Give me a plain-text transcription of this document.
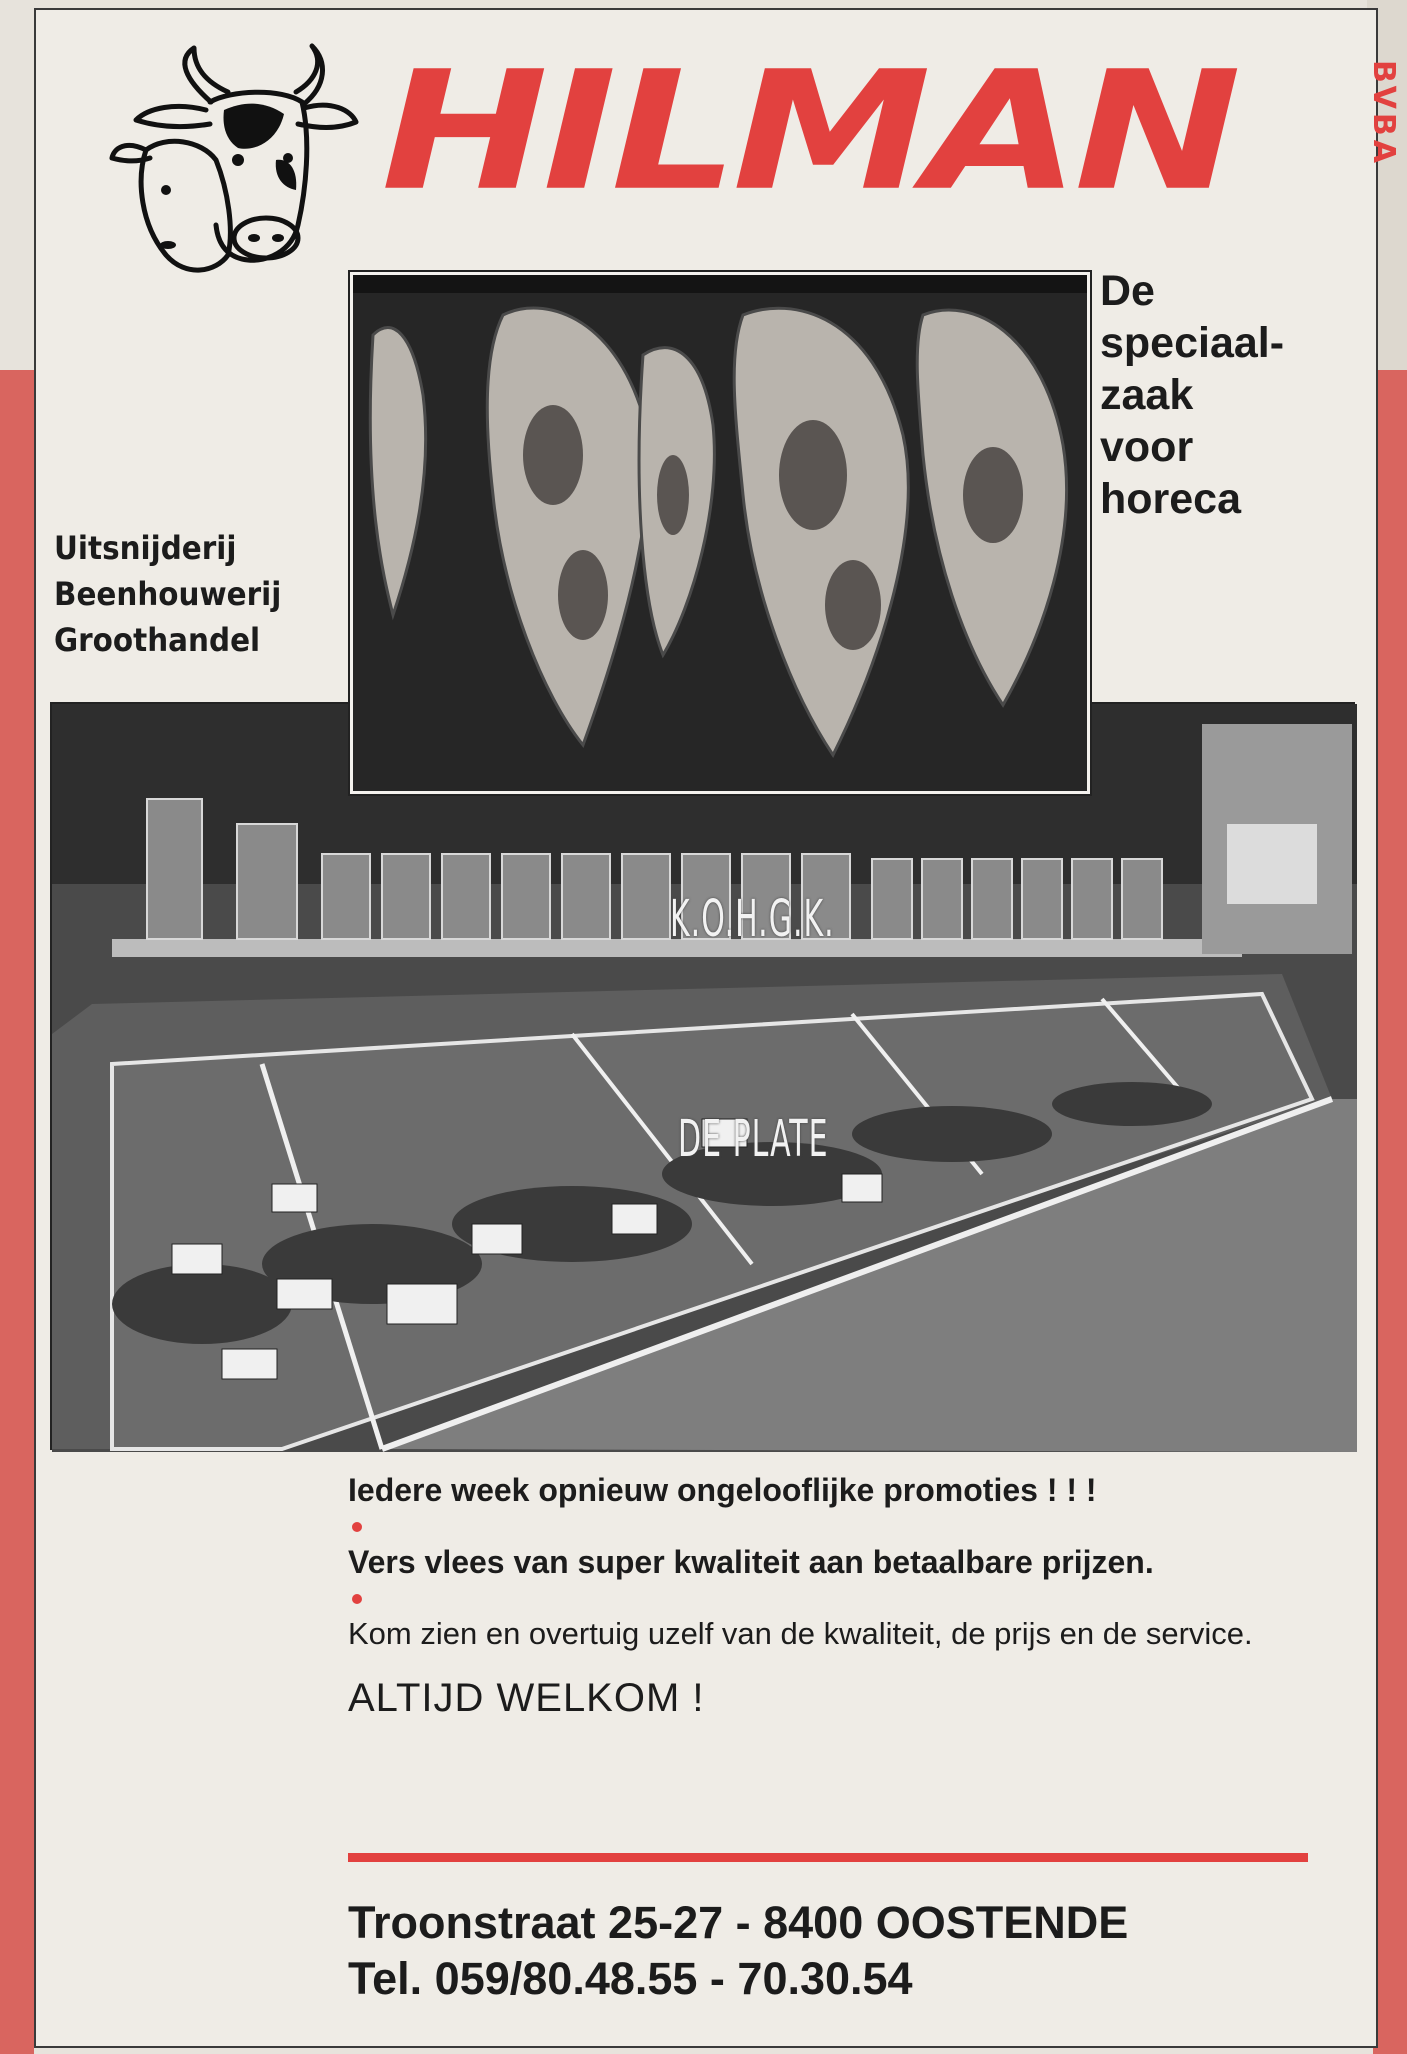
HILMAN	BVBA
De
speciaal-
zaak
voor
horeca
Uitsnijderij
Beenhouwerij
Groothandel
K.O.H.G.K.
DE PLATE
Iedere week opnieuw ongelooflijke promoties ! ! !
Vers vlees van super kwaliteit aan betaalbare prijzen.
Kom zien en overtuig uzelf van de kwaliteit, de prijs en de service.
ALTIJD WELKOM !
Troonstraat 25-27 - 8400 OOSTENDE
Tel. 059/80.48.55 - 70.30.54
